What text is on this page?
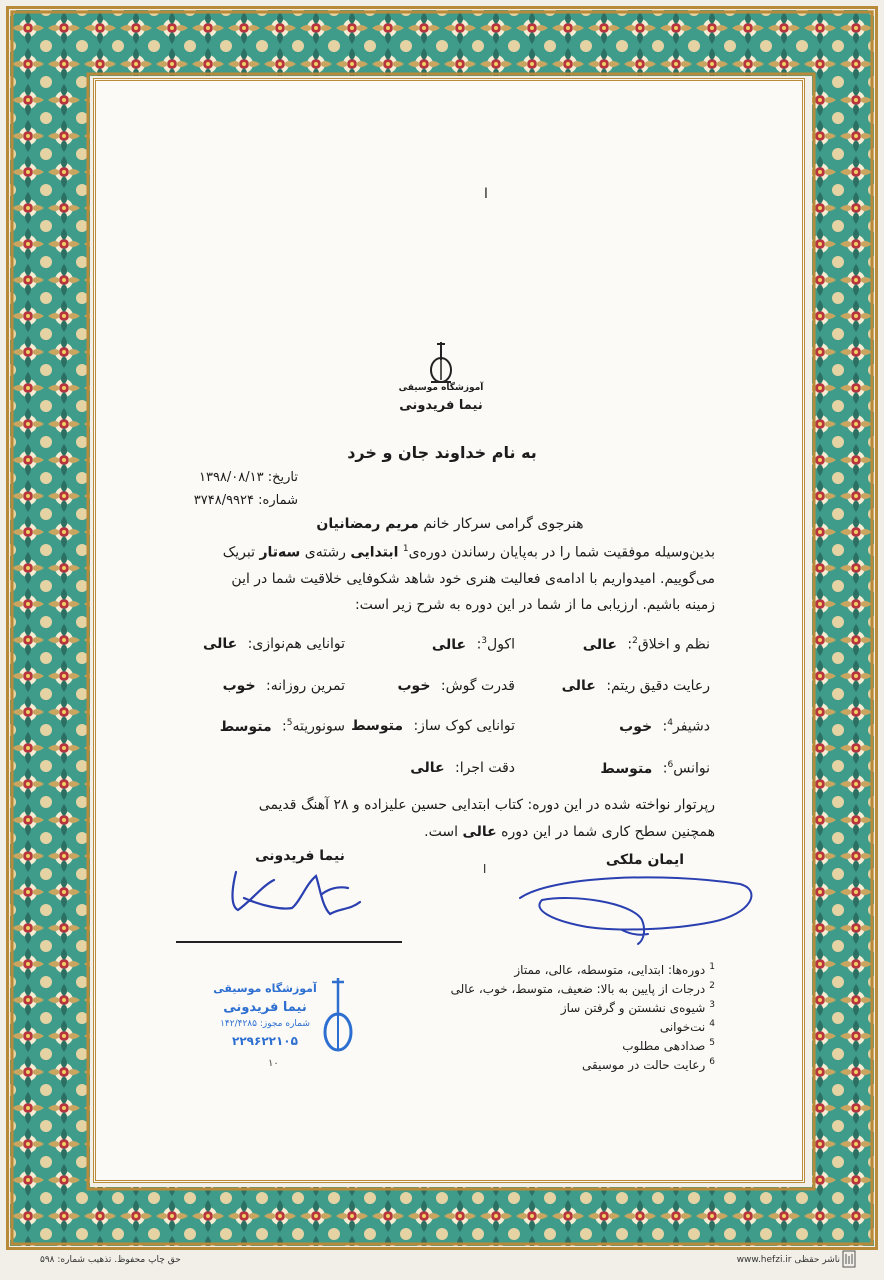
ﺍ
آموزشگاه موسیقی
نیما فریدونی
به نام خداوند جان و خرد
تاریخ: ۱۳۹۸/۰۸/۱۳
شماره: ۳۷۴۸/۹۹۲۴
هنرجوی گرامی سرکار خانم مریم رمضانیان
بدین‌وسیله موفقیت شما را در به‌پایان رساندن دوره‌ی$^1$ ابتدایی رشته‌ی سه‌تار تبریک
می‌گوییم. امیدواریم با ادامه‌ی فعالیت هنری خود شاهد شکوفایی خلاقیت شما در این
زمینه باشیم. ارزیابی ما از شما در این دوره به شرح زیر است:
نظم و اخلاق$^2$: عالی
اکول$^3$: عالی
توانایی هم‌نوازی: عالی
رعایت دقیق ریتم: عالی
قدرت گوش: خوب
تمرین روزانه: خوب
دشیفر$^4$: خوب
توانایی کوک ساز: متوسط
سونوریته$^5$: متوسط
نوانس$^6$: متوسط
دقت اجرا: عالی
رپرتوار نواخته شده در این دوره: کتاب ابتدایی حسین علیزاده و ۲۸ آهنگ قدیمی
همچنین سطح کاری شما در این دوره عالی است.
ایمان ملکی
نیما فریدونی
ﺍ
آموزشگاه موسیقی
نیما فریدونی
شماره مجوز: ۱۴۲/۴۲۸۵
۲۲۹۶۲۲۱۰۵
۱۰
$^1$دوره‌ها: ابتدایی، متوسطه، عالی، ممتاز
$^2$درجات از پایین به بالا: ضعیف، متوسط، خوب، عالی
$^3$شیوه‌ی نشستن و گرفتن ساز
$^4$نت‌خوانی
$^5$صدادهی مطلوب
$^6$رعایت حالت در موسیقی
ناشر حقظی www.hefzi.ir
حق چاپ محفوظ. تذهیب شماره: ۵۹۸
